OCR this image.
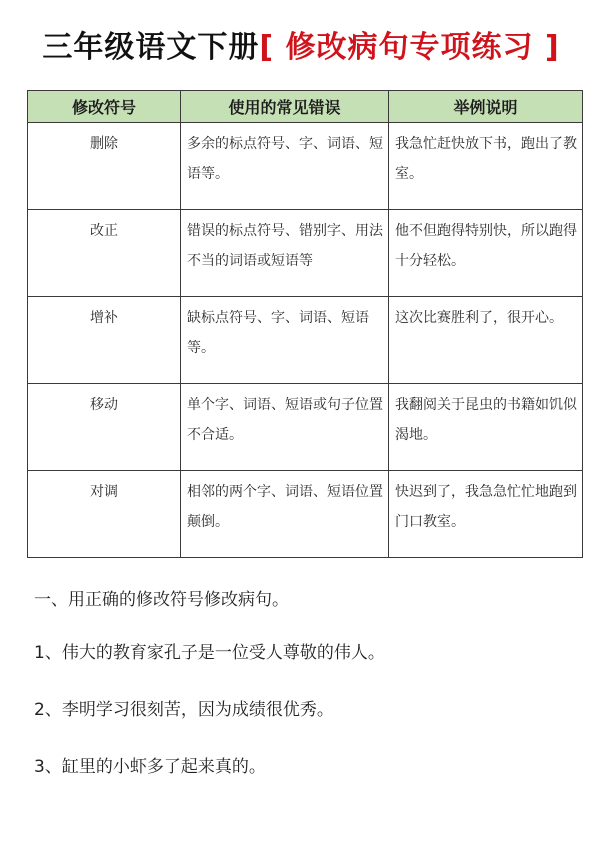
三年级语文下册[ 修改病句专项练习 ]
修改符号	使用的常见错误	举例说明
删除	多余的标点符号、字、词语、短语等。	我急忙赶快放下书，跑出了教室。
改正	错误的标点符号、错别字、用法不当的词语或短语等	他不但跑得特别快，所以跑得十分轻松。
增补	缺标点符号、字、词语、短语等。	这次比赛胜利了，很开心。
移动	单个字、词语、短语或句子位置不合适。	我翻阅关于昆虫的书籍如饥似渴地。
对调	相邻的两个字、词语、短语位置颠倒。	快迟到了，我急急忙忙地跑到门口教室。
一、用正确的修改符号修改病句。
1、伟大的教育家孔子是一位受人尊敬的伟人。
2、李明学习很刻苦，因为成绩很优秀。
3、缸里的小虾多了起来真的。
